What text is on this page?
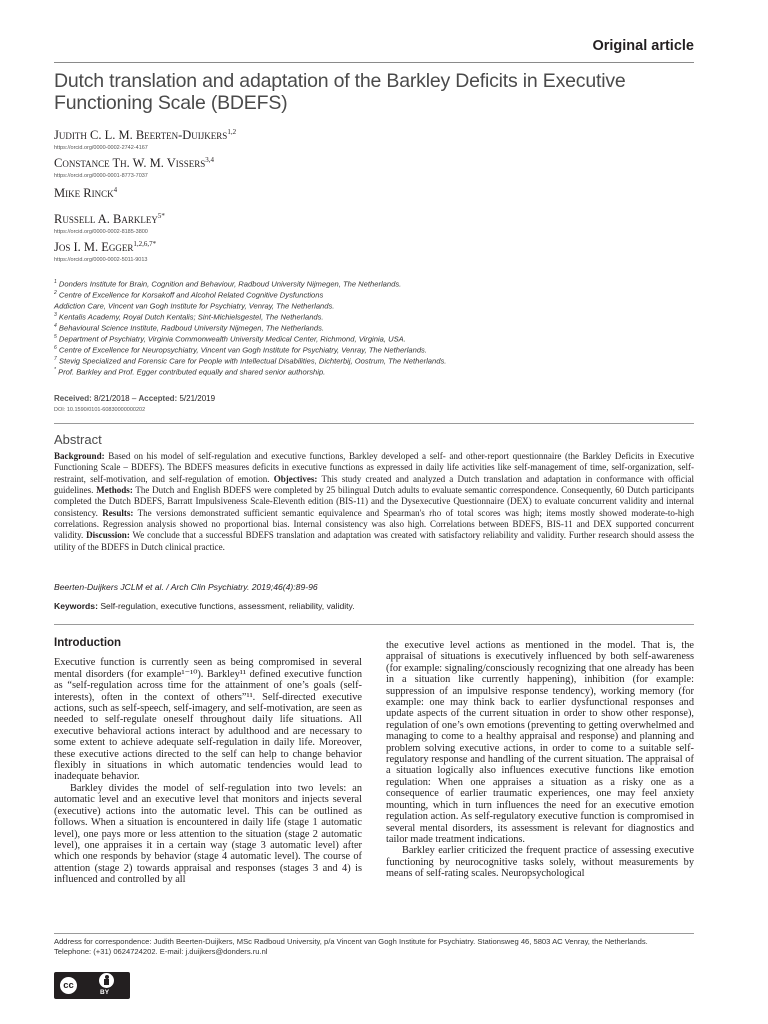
Original article
Dutch translation and adaptation of the Barkley Deficits in Executive Functioning Scale (BDEFS)
Judith C. L. M. Beerten-Duijkers$^{1,2}$
https://orcid.org/0000-0002-2742-4167
Constance Th. W. M. Vissers$^{3,4}$
https://orcid.org/0000-0001-8773-7037
Mike Rinck$^4$
Russell A. Barkley$^{5*}$
https://orcid.org/0000-0002-8185-3800
Jos I. M. Egger$^{1,2,6,7*}$
https://orcid.org/0000-0002-5011-9013
$^1$ Donders Institute for Brain, Cognition and Behaviour, Radboud University Nijmegen, The Netherlands.
$^2$ Centre of Excellence for Korsakoff and Alcohol Related Cognitive Dysfunctions
Addiction Care, Vincent van Gogh Institute for Psychiatry, Venray, The Netherlands.
$^3$ Kentalis Academy, Royal Dutch Kentalis; Sint-Michielsgestel, The Netherlands.
$^4$ Behavioural Science Institute, Radboud University Nijmegen, The Netherlands.
$^5$ Department of Psychiatry, Virginia Commonwealth University Medical Center, Richmond, Virginia, USA.
$^6$ Centre of Excellence for Neuropsychiatry, Vincent van Gogh Institute for Psychiatry, Venray, The Netherlands.
$^7$ Stevig Specialized and Forensic Care for People with Intellectual Disabilities, Dichterbij, Oostrum, The Netherlands.
* Prof. Barkley and Prof. Egger contributed equally and shared senior authorship.
Received: 8/21/2018 – Accepted: 5/21/2019
DOI: 10.1590/0101-60830000000202
Abstract
Background: Based on his model of self-regulation and executive functions, Barkley developed a self- and other-report questionnaire (the Barkley Deficits in Executive Functioning Scale – BDEFS). The BDEFS measures deficits in executive functions as expressed in daily life activities like self-management of time, self-organization, self-restraint, self-motivation, and self-regulation of emotion. Objectives: This study created and analyzed a Dutch translation and adaptation in conformance with official guidelines. Methods: The Dutch and English BDEFS were completed by 25 bilingual Dutch adults to evaluate semantic correspondence. Consequently, 60 Dutch participants completed the Dutch BDEFS, Barratt Impulsiveness Scale-Eleventh edition (BIS-11) and the Dysexecutive Questionnaire (DEX) to evaluate concurrent validity and internal consistency. Results: The versions demonstrated sufficient semantic equivalence and Spearman's rho of total scores was high; items mostly showed moderate-to-high correlations. Regression analysis showed no proportional bias. Internal consistency was also high. Correlations between BDEFS, BIS-11 and DEX supported concurrent validity. Discussion: We conclude that a successful BDEFS translation and adaptation was created with satisfactory reliability and validity. Further research should assess the utility of the BDEFS in Dutch clinical practice.
Beerten-Duijkers JCLM et al. / Arch Clin Psychiatry. 2019;46(4):89-96
Keywords: Self-regulation, executive functions, assessment, reliability, validity.
Introduction

Executive function is currently seen as being compromised in several mental disorders (for example¹⁻¹⁰). Barkley¹¹ defined executive function as “self-regulation across time for the attainment of one’s goals (self-interests), often in the context of others”¹¹. Self-directed executive actions, such as self-speech, self-imagery, and self-motivation, are seen as needed to self-regulate oneself throughout daily life situations. All executive behavioral actions interact by adulthood and are necessary to some extent to achieve adequate self-regulation in daily life. Moreover, these executive actions directed to the self can help to change behavior flexibly in situations in which automatic tendencies would lead to inadequate behavior.

Barkley divides the model of self-regulation into two levels: an automatic level and an executive level that monitors and injects several (executive) actions into the automatic level. This can be outlined as follows. When a situation is encountered in daily life (stage 1 automatic level), one pays more or less attention to the situation (stage 2 automatic level), one appraises it in a certain way (stage 3 automatic level) after which one responds by behavior (stage 4 automatic level). The course of attention (stage 2) towards appraisal and responses (stages 3 and 4) is influenced and controlled by all

the executive level actions as mentioned in the model. That is, the appraisal of situations is executively influenced by both self-awareness (for example: signaling/consciously recognizing that one already has been in a situation like currently happening), inhibition (for example: suppression of an impulsive response tendency), working memory (for example: one may think back to earlier dysfunctional responses and update aspects of the current situation in order to show other response), regulation of one’s own emotions (preventing to getting overwhelmed and managing to come to a healthy appraisal and response) and planning and problem solving executive actions, in order to come to a suitable self-regulatory response and handling of the current situation. The appraisal of a situation logically also influences executive functions like emotion regulation: When one appraises a situation as a risky one as a consequence of earlier traumatic experiences, one may feel anxiety mounting, which in turn influences the need for an executive emotion regulation action. As self-regulatory executive function is compromised in several mental disorders, its assessment is relevant for diagnostics and tailor made treatment indications.

Barkley earlier criticized the frequent practice of assessing executive functioning by neurocognitive tasks solely, without measurements by means of self-rating scales. Neuropsychological

Address for correspondence: Judith Beerten-Duijkers, MSc Radboud University, p/a Vincent van Gogh Institute for Psychiatry. Stationsweg 46, 5803 AC Venray, the Netherlands.
Telephone: (+31) 0624724202. E-mail: j.duijkers@donders.ru.nl
cc
BY
